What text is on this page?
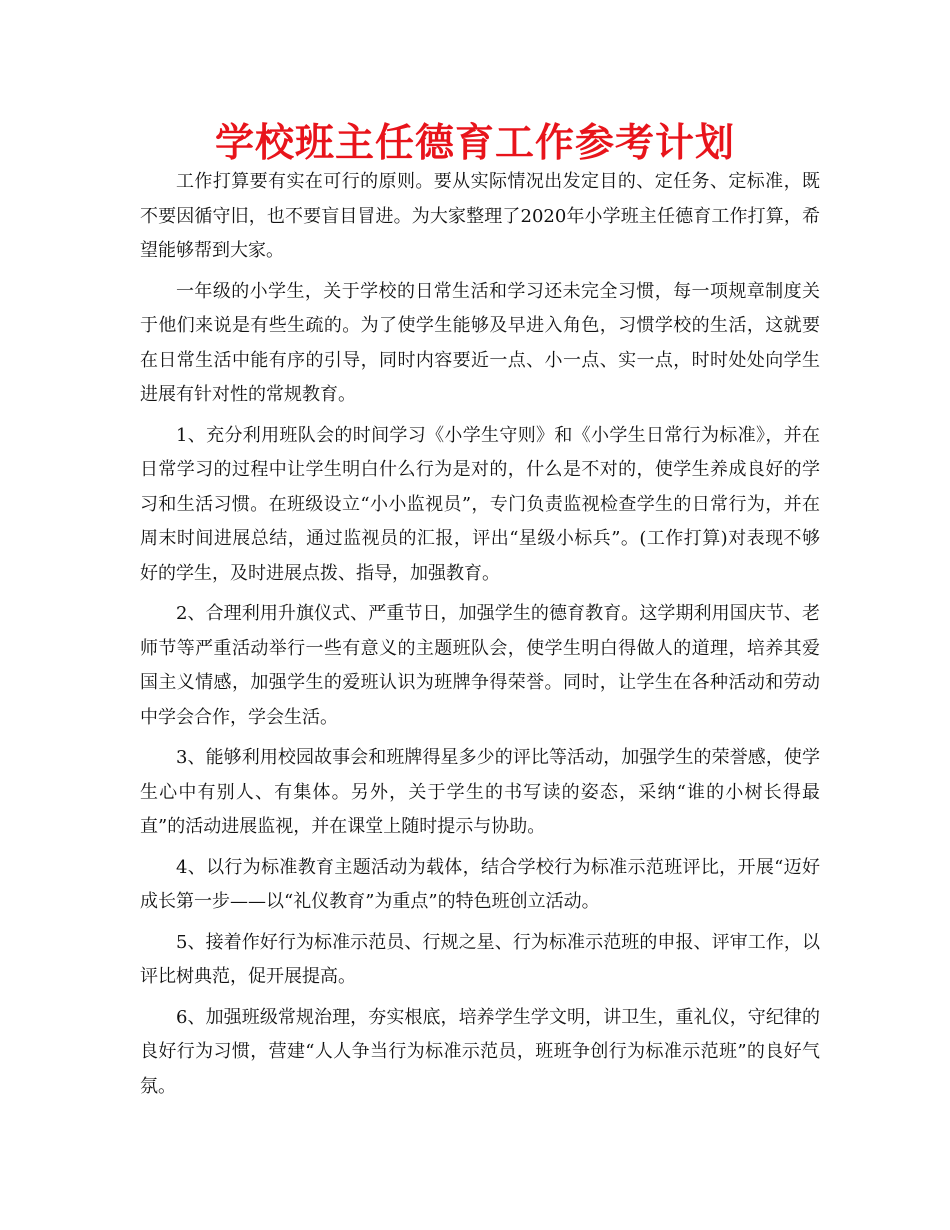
学校班主任德育工作参考计划

工作打算要有实在可行的原则。要从实际情况出发定目的、定任务、定标准，既不要因循守旧，也不要盲目冒进。为大家整理了2020年小学班主任德育工作打算，希望能够帮到大家。

一年级的小学生，关于学校的日常生活和学习还未完全习惯，每一项规章制度关于他们来说是有些生疏的。为了使学生能够及早进入角色，习惯学校的生活，这就要在日常生活中能有序的引导，同时内容要近一点、小一点、实一点，时时处处向学生进展有针对性的常规教育。

1、充分利用班队会的时间学习《小学生守则》和《小学生日常行为标准》，并在日常学习的过程中让学生明白什么行为是对的，什么是不对的，使学生养成良好的学习和生活习惯。在班级设立“小小监视员”，专门负责监视检查学生的日常行为，并在周末时间进展总结，通过监视员的汇报，评出“星级小标兵”。(工作打算)对表现不够好的学生，及时进展点拨、指导，加强教育。

2、合理利用升旗仪式、严重节日，加强学生的德育教育。这学期利用国庆节、老师节等严重活动举行一些有意义的主题班队会，使学生明白得做人的道理，培养其爱国主义情感，加强学生的爱班认识为班牌争得荣誉。同时，让学生在各种活动和劳动中学会合作，学会生活。

3、能够利用校园故事会和班牌得星多少的评比等活动，加强学生的荣誉感，使学生心中有别人、有集体。另外，关于学生的书写读的姿态，采纳“谁的小树长得最直”的活动进展监视，并在课堂上随时提示与协助。

4、以行为标准教育主题活动为载体，结合学校行为标准示范班评比，开展“迈好成长第一步——以“礼仪教育”为重点”的特色班创立活动。

5、接着作好行为标准示范员、行规之星、行为标准示范班的申报、评审工作，以评比树典范，促开展提高。

6、加强班级常规治理，夯实根底，培养学生学文明，讲卫生，重礼仪，守纪律的良好行为习惯，营建“人人争当行为标准示范员，班班争创行为标准示范班”的良好气氛。
